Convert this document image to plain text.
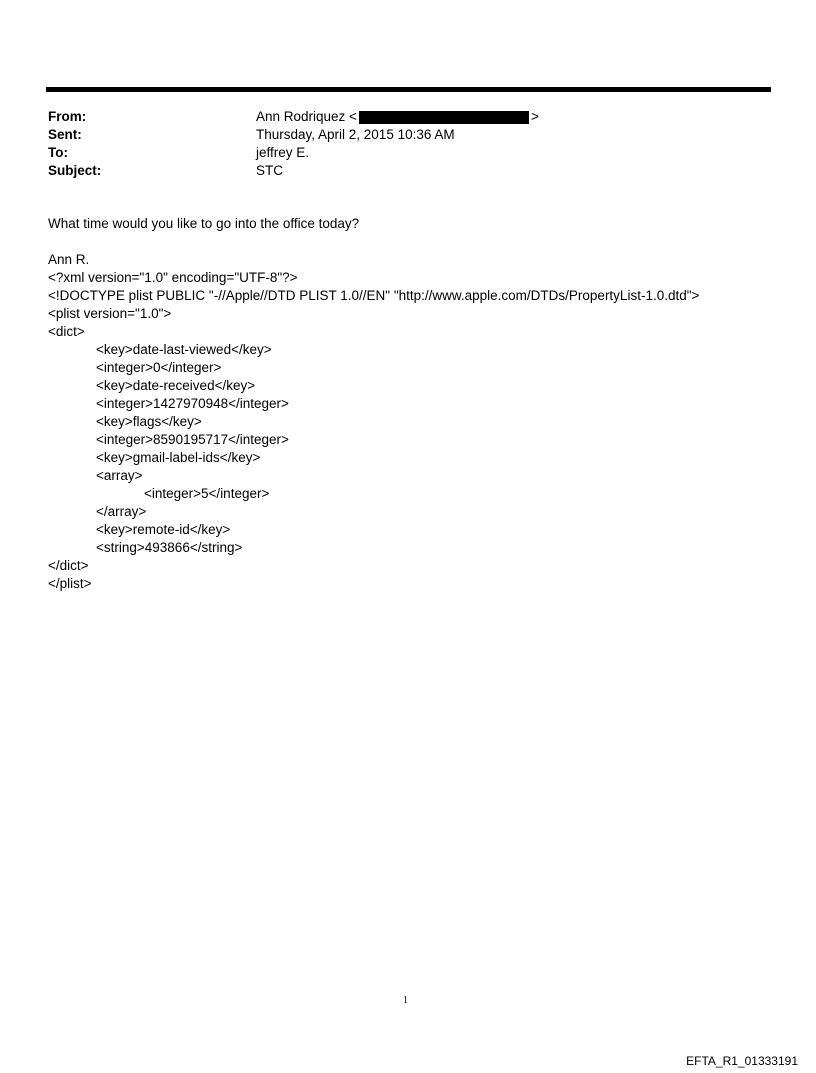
From:	Ann Rodriquez <	>
Sent:	Thursday, April 2, 2015 10:36 AM
To:	jeffrey E.
Subject:	STC
What time would you like to go into the office today?
Ann R.
<?xml version="1.0" encoding="UTF-8"?>
<!DOCTYPE plist PUBLIC "-//Apple//DTD PLIST 1.0//EN" "http://www.apple.com/DTDs/PropertyList-1.0.dtd">
<plist version="1.0">
<dict>
<key>date-last-viewed</key>
<integer>0</integer>
<key>date-received</key>
<integer>1427970948</integer>
<key>flags</key>
<integer>8590195717</integer>
<key>gmail-label-ids</key>
<array>
<integer>5</integer>
</array>
<key>remote-id</key>
<string>493866</string>
</dict>
</plist>
1
EFTA_R1_01333191
